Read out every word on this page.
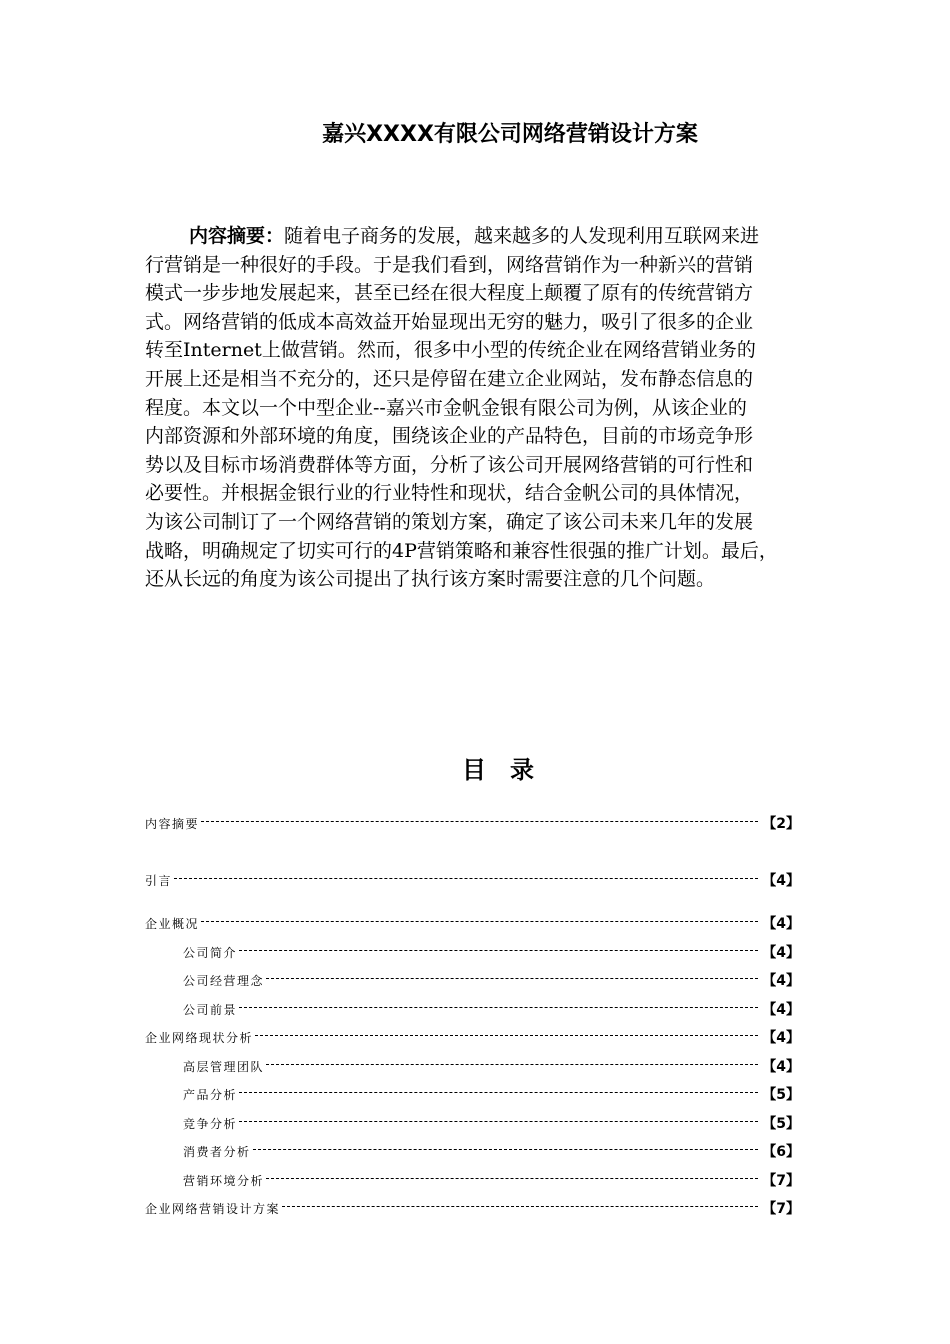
嘉兴XXXX有限公司网络营销设计方案
内容摘要：随着电子商务的发展，越来越多的人发现利用互联网来进
行营销是一种很好的手段。于是我们看到，网络营销作为一种新兴的营销
模式一步步地发展起来，甚至已经在很大程度上颠覆了原有的传统营销方
式。网络营销的低成本高效益开始显现出无穷的魅力，吸引了很多的企业
转至Internet上做营销。然而，很多中小型的传统企业在网络营销业务的
开展上还是相当不充分的，还只是停留在建立企业网站，发布静态信息的
程度。本文以一个中型企业--嘉兴市金帆金银有限公司为例，从该企业的
内部资源和外部环境的角度，围绕该企业的产品特色，目前的市场竞争形
势以及目标市场消费群体等方面，分析了该公司开展网络营销的可行性和
必要性。并根据金银行业的行业特性和现状，结合金帆公司的具体情况，
为该公司制订了一个网络营销的策划方案，确定了该公司未来几年的发展
战略，明确规定了切实可行的4P营销策略和兼容性很强的推广计划。最后，
还从长远的角度为该公司提出了执行该方案时需要注意的几个问题。
目录
内容摘要	【2】
引言	【4】
企业概况	【4】
公司简介	【4】
公司经营理念	【4】
公司前景	【4】
企业网络现状分析	【4】
高层管理团队	【4】
产品分析	【5】
竞争分析	【5】
消费者分析	【6】
营销环境分析	【7】
企业网络营销设计方案	【7】
